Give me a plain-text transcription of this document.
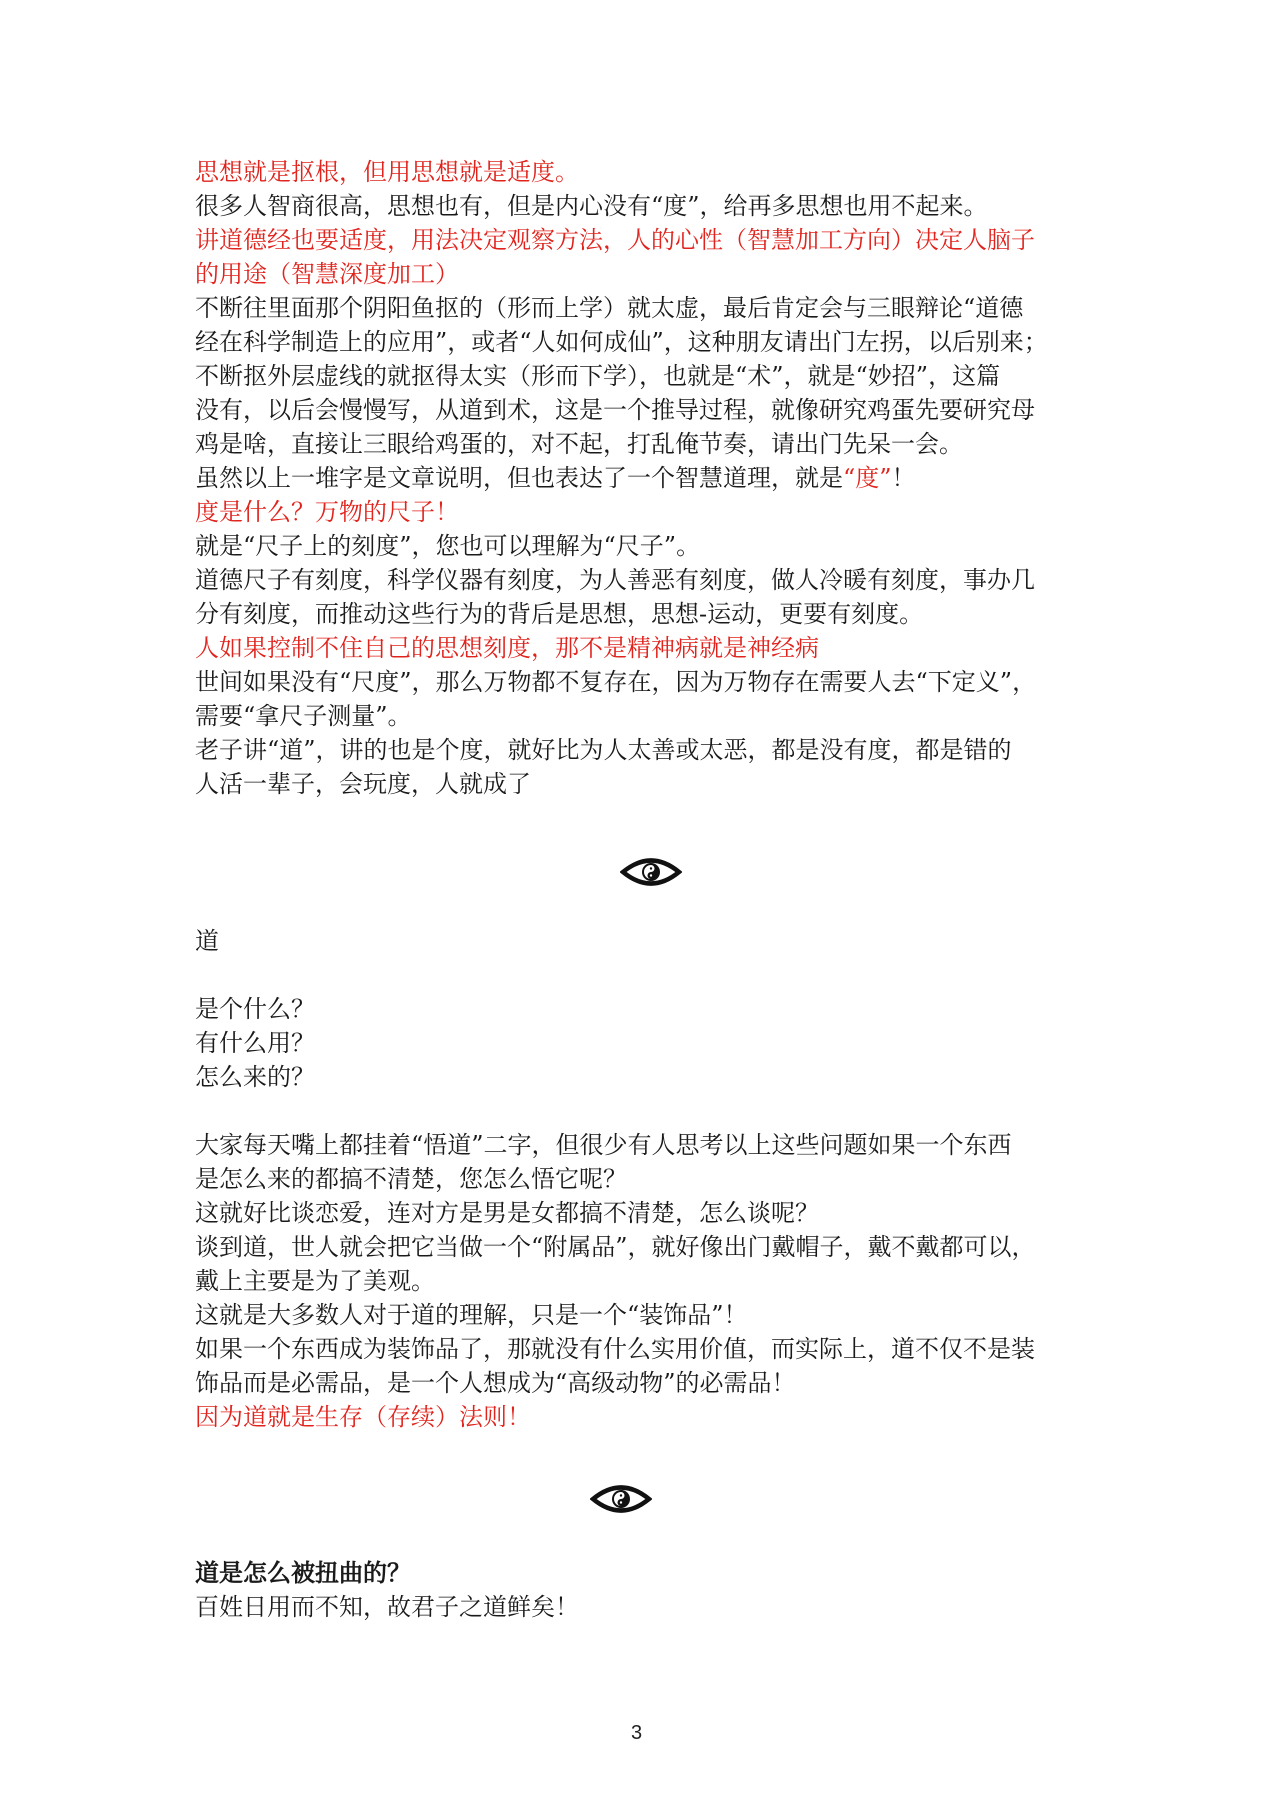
思想就是抠根，但用思想就是适度。
很多人智商很高，思想也有，但是内心没有“度”，给再多思想也用不起来。
讲道德经也要适度，用法决定观察方法，人的心性（智慧加工方向）决定人脑子
的用途（智慧深度加工）
不断往里面那个阴阳鱼抠的（形而上学）就太虚，最后肯定会与三眼辩论“道德
经在科学制造上的应用”，或者“人如何成仙”，这种朋友请出门左拐，以后别来；
不断抠外层虚线的就抠得太实（形而下学），也就是“术”，就是“妙招”，这篇
没有，以后会慢慢写，从道到术，这是一个推导过程，就像研究鸡蛋先要研究母
鸡是啥，直接让三眼给鸡蛋的，对不起，打乱俺节奏，请出门先呆一会。
虽然以上一堆字是文章说明，但也表达了一个智慧道理，就是“度”！
度是什么？万物的尺子！
就是“尺子上的刻度”，您也可以理解为“尺子”。
道德尺子有刻度，科学仪器有刻度，为人善恶有刻度，做人冷暖有刻度，事办几
分有刻度，而推动这些行为的背后是思想，思想-运动，更要有刻度。
人如果控制不住自己的思想刻度，那不是精神病就是神经病
世间如果没有“尺度”，那么万物都不复存在，因为万物存在需要人去“下定义”，
需要“拿尺子测量”。
老子讲“道”，讲的也是个度，就好比为人太善或太恶，都是没有度，都是错的
人活一辈子，会玩度，人就成了
道
是个什么？
有什么用？
怎么来的？
大家每天嘴上都挂着“悟道”二字，但很少有人思考以上这些问题如果一个东西
是怎么来的都搞不清楚，您怎么悟它呢？
这就好比谈恋爱，连对方是男是女都搞不清楚，怎么谈呢？
谈到道，世人就会把它当做一个“附属品”，就好像出门戴帽子，戴不戴都可以，
戴上主要是为了美观。
这就是大多数人对于道的理解，只是一个“装饰品”！
如果一个东西成为装饰品了，那就没有什么实用价值，而实际上，道不仅不是装
饰品而是必需品，是一个人想成为“高级动物”的必需品！
因为道就是生存（存续）法则！
道是怎么被扭曲的？
百姓日用而不知，故君子之道鲜矣！
3
